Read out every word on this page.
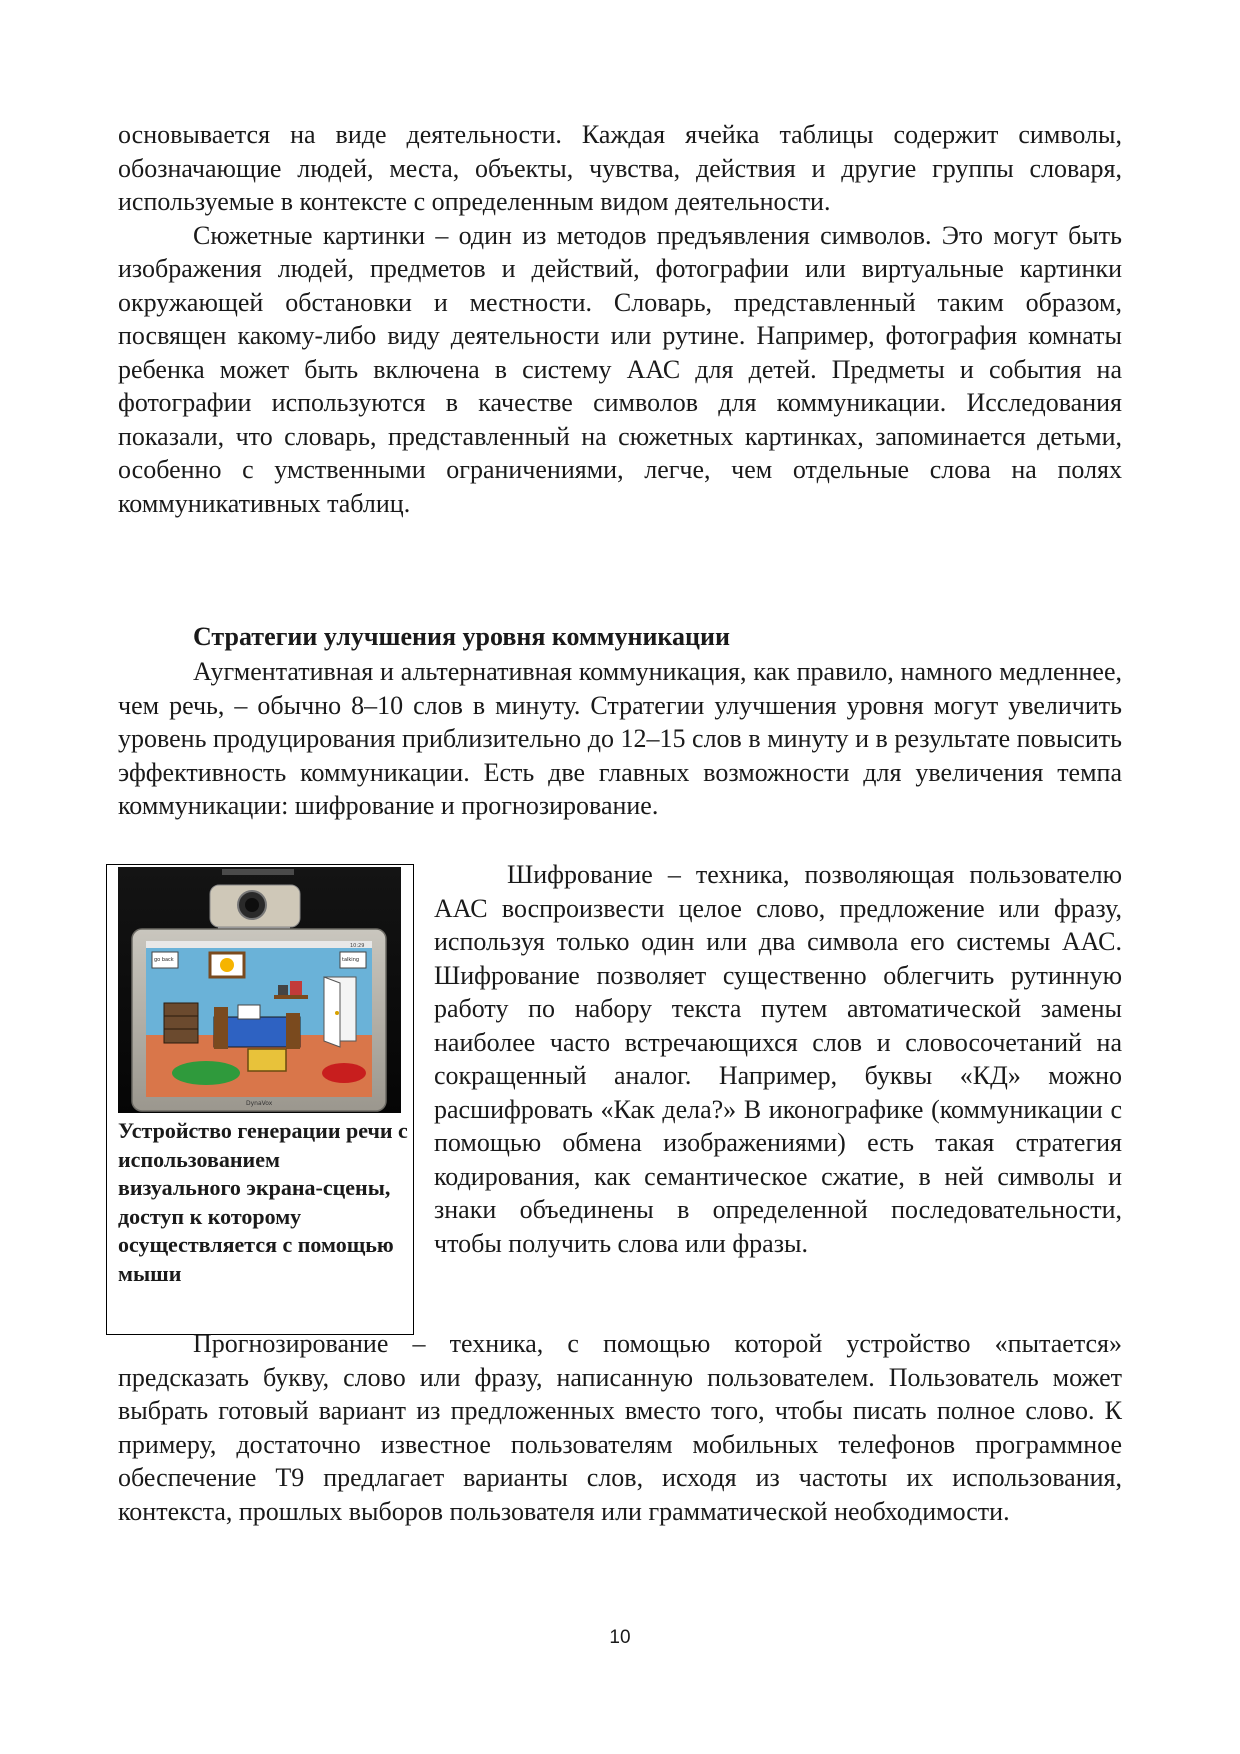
основывается на виде деятельности. Каждая ячейка таблицы содержит символы, обозначающие людей, места, объекты, чувства, действия и другие группы словаря, используемые в контексте с определенным видом деятельности.

Сюжетные картинки – один из методов предъявления символов. Это могут быть изображения людей, предметов и действий, фотографии или виртуальные картинки окружающей обстановки и местности. Словарь, представленный таким образом, посвящен какому-либо виду деятельности или рутине. Например, фотография комнаты ребенка может быть включена в систему ААС для детей. Предметы и события на фотографии используются в качестве символов для коммуникации. Исследования показали, что словарь, представленный на сюжетных картинках, запоминается детьми, особенно с умственными ограничениями, легче, чем отдельные слова на полях коммуникативных таблиц.

Стратегии улучшения уровня коммуникации

Аугментативная и альтернативная коммуникация, как правило, намного медленнее, чем речь, – обычно 8–10 слов в минуту. Стратегии улучшения уровня могут увеличить уровень продуцирования приблизительно до 12–15 слов в минуту и в результате повысить эффективность коммуникации. Есть две главных возможности для увеличения темпа коммуникации: шифрование и прогнозирование.

go back	talking
10:29
DynaVox

Устройство генерации речи с использованием визуального экрана-сцены, доступ к которому осуществляется с помощью мыши

Шифрование – техника, позволяющая пользователю ААС воспроизвести целое слово, предложение или фразу, используя только один или два символа его системы ААС. Шифрование позволяет существенно облегчить рутинную работу по набору текста путем автоматической замены наиболее часто встречающихся слов и словосочетаний на сокращенный аналог. Например, буквы «КД» можно расшифровать «Как дела?» В иконографике (коммуникации с помощью обмена изображениями) есть такая стратегия кодирования, как семантическое сжатие, в ней символы и знаки объединены в определенной последовательности, чтобы получить слова или фразы.

Прогнозирование – техника, с помощью которой устройство «пытается» предсказать букву, слово или фразу, написанную пользователем. Пользователь может выбрать готовый вариант из предложенных вместо того, чтобы писать полное слово. К примеру, достаточно известное пользователям мобильных телефонов программное обеспечение Т9 предлагает варианты слов, исходя из частоты их использования, контекста, прошлых выборов пользователя или грамматической необходимости.

10
